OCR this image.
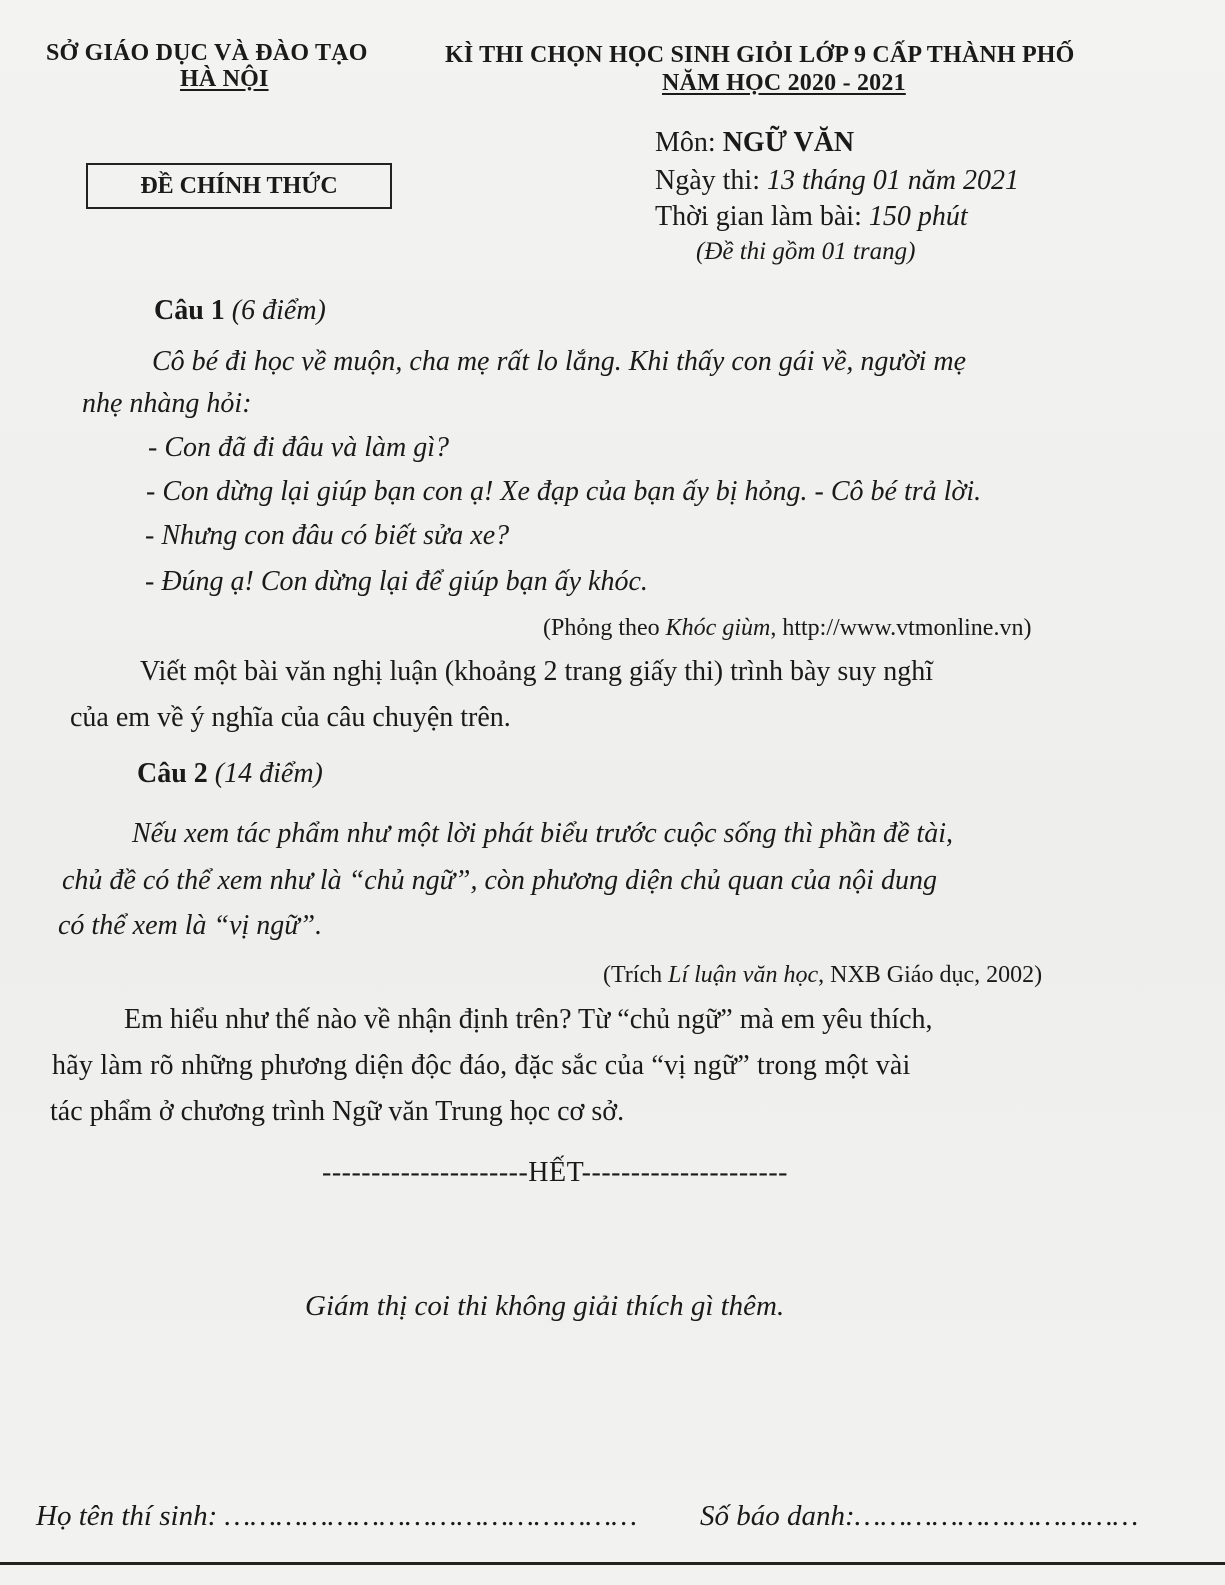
SỞ GIÁO DỤC VÀ ĐÀO TẠO
HÀ NỘI
KÌ THI CHỌN HỌC SINH GIỎI LỚP 9 CẤP THÀNH PHỐ
NĂM HỌC 2020 - 2021
ĐỀ CHÍNH THỨC
Môn: NGỮ VĂN
Ngày thi: 13 tháng 01 năm 2021
Thời gian làm bài: 150 phút
(Đề thi gồm 01 trang)
Câu 1 (6 điểm)
Cô bé đi học về muộn, cha mẹ rất lo lắng. Khi thấy con gái về, người mẹ
nhẹ nhàng hỏi:
- Con đã đi đâu và làm gì?
- Con dừng lại giúp bạn con ạ! Xe đạp của bạn ấy bị hỏng. - Cô bé trả lời.
- Nhưng con đâu có biết sửa xe?
- Đúng ạ! Con dừng lại để giúp bạn ấy khóc.
(Phỏng theo Khóc giùm, http://www.vtmonline.vn)
Viết một bài văn nghị luận (khoảng 2 trang giấy thi) trình bày suy nghĩ
của em về ý nghĩa của câu chuyện trên.
Câu 2 (14 điểm)
Nếu xem tác phẩm như một lời phát biểu trước cuộc sống thì phần đề tài,
chủ đề có thể xem như là “chủ ngữ”, còn phương diện chủ quan của nội dung
có thể xem là “vị ngữ”.
(Trích Lí luận văn học, NXB Giáo dục, 2002)
Em hiểu như thế nào về nhận định trên? Từ “chủ ngữ” mà em yêu thích,
hãy làm rõ những phương diện độc đáo, đặc sắc của “vị ngữ” trong một vài
tác phẩm ở chương trình Ngữ văn Trung học cơ sở.
---------------------HẾT---------------------
Giám thị coi thi không giải thích gì thêm.
Họ tên thí sinh: ………………………………………… Số báo danh:……………………………
